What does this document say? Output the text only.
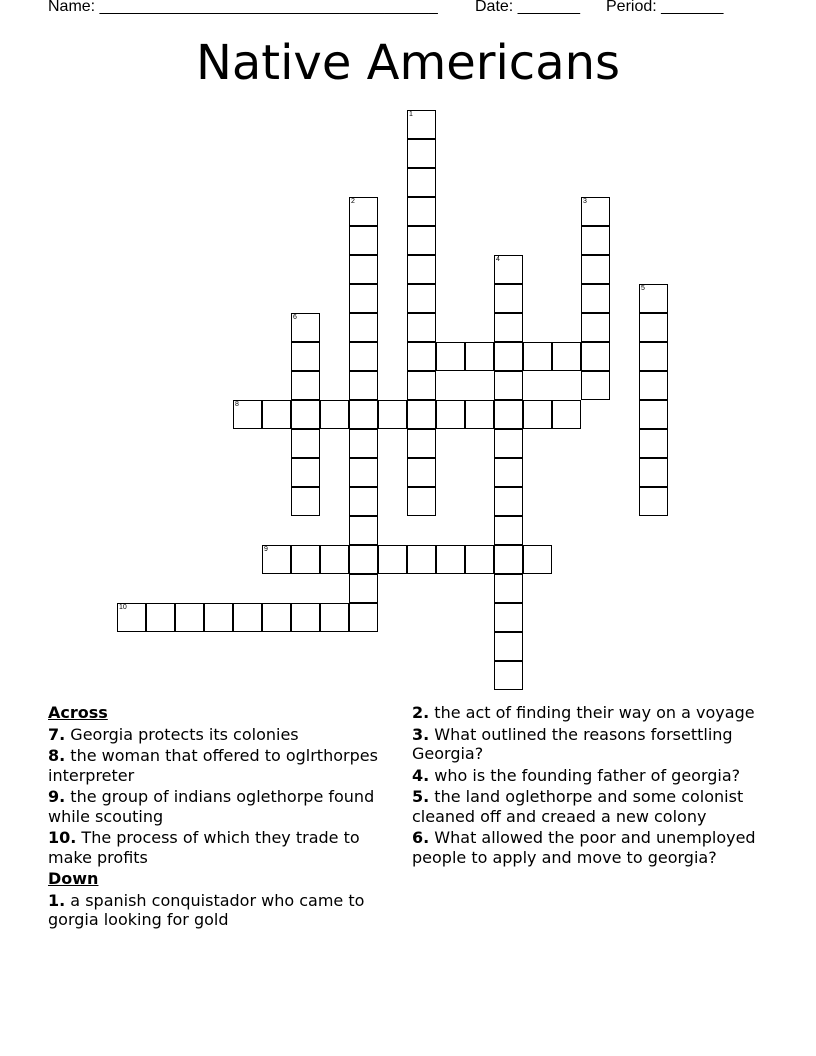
Name: ______________________________________ Date: _______ Period: _______
Native Americans
1
2	3
4
5
6
8
9
10
Across
7. Georgia protects its colonies
8. the woman that offered to oglrthorpes interpreter
9. the group of indians oglethorpe found while scouting
10. The process of which they trade to make profits
Down
1. a spanish conquistador who came to gorgia looking for gold
2. the act of finding their way on a voyage
3. What outlined the reasons forsettling Georgia?
4. who is the founding father of georgia?
5. the land oglethorpe and some colonist cleaned off and creaed a new colony
6. What allowed the poor and unemployed people to apply and move to georgia?
